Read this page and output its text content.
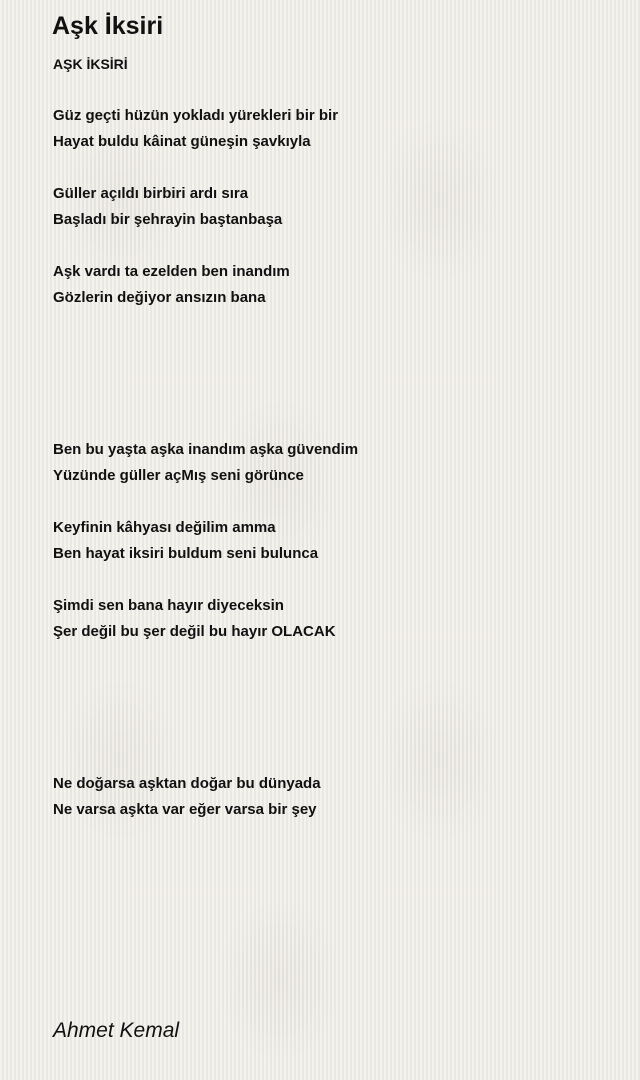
Aşk İksiri
AŞK İKSİRİ
Güz geçti hüzün yokladı yürekleri bir bir
Hayat buldu kâinat güneşin şavkıyla
Güller açıldı birbiri ardı sıra
Başladı bir şehrayin baştanbaşa
Aşk vardı ta ezelden ben inandım
Gözlerin değiyor ansızın bana
Ben bu yaşta aşka inandım aşka güvendim
Yüzünde güller açMış seni görünce
Keyfinin kâhyası değilim amma
Ben hayat iksiri buldum seni bulunca
Şimdi sen bana hayır diyeceksin
Şer değil bu şer değil bu hayır OLACAK
Ne doğarsa aşktan doğar bu dünyada
Ne varsa aşkta var eğer varsa bir şey
Ahmet Kemal
